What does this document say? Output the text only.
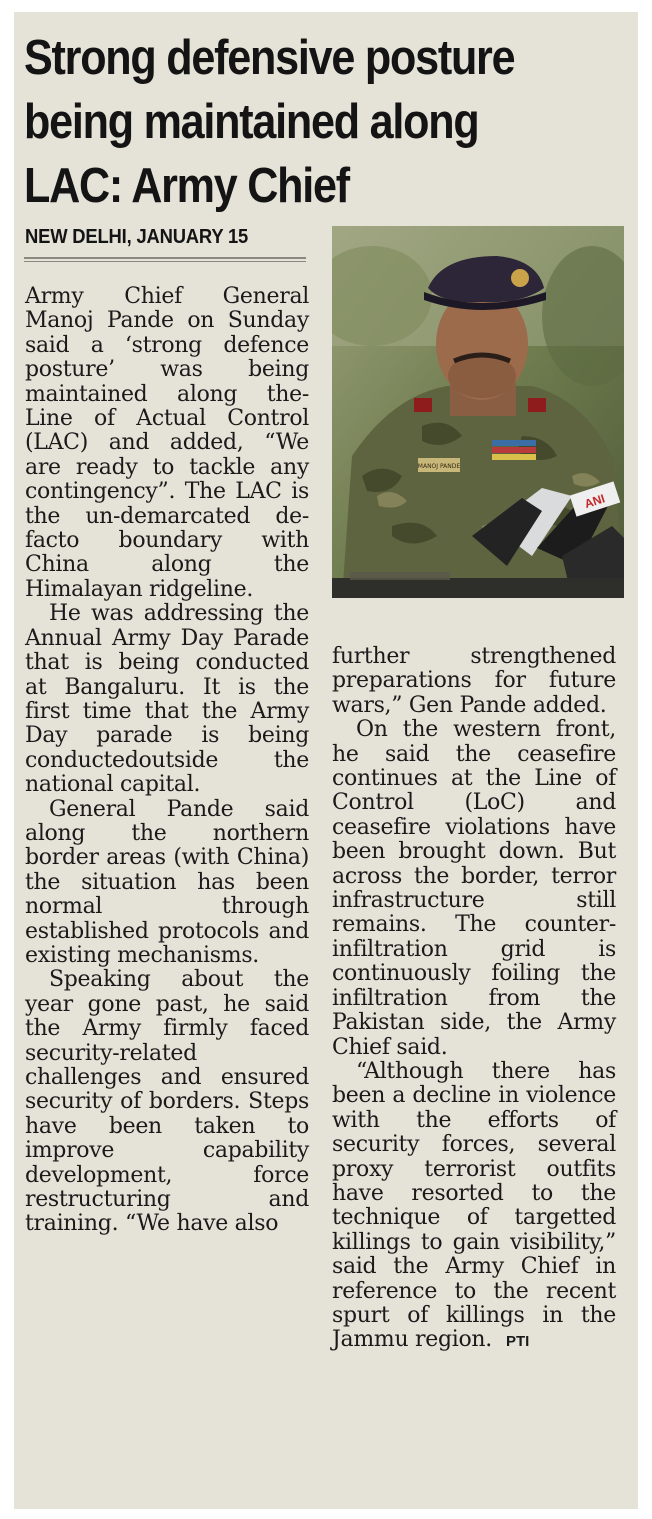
Strong defensive posture
being maintained along
LAC: Army Chief
NEW DELHI, JANUARY 15
MANOJ PANDE
ANI

Army Chief General Manoj Pande on Sunday said a ‘strong defence posture’ was being maintained along the- Line of Actual Control (LAC) and added, “We are ready to tackle any contingency”. The LAC is the un-demarcated de-facto boundary with China along the Himalayan ridgeline.

He was addressing the Annual Army Day Parade that is being conducted at Bangaluru. It is the first time that the Army Day parade is being conductedoutside the national capital.

General Pande said along the northern border areas (with China) the situation has been normal through established protocols and existing mechanisms.

Speaking about the year gone past, he said the Army firmly faced security-related challenges and ensured security of borders. Steps have been taken to improve capability development, force restructuring and training. “We have also

further strengthened preparations for future wars,” Gen Pande added.

On the western front, he said the ceasefire continues at the Line of Control (LoC) and ceasefire violations have been brought down. But across the border, terror infrastructure still remains. The counter-infiltration grid is continuously foiling the infiltration from the Pakistan side, the Army Chief said.

“Although there has been a decline in violence with the efforts of security forces, several proxy terrorist outfits have resorted to the technique of targetted killings to gain visibility,” said the Army Chief in reference to the recent spurt of killings in the Jammu region. PTI
